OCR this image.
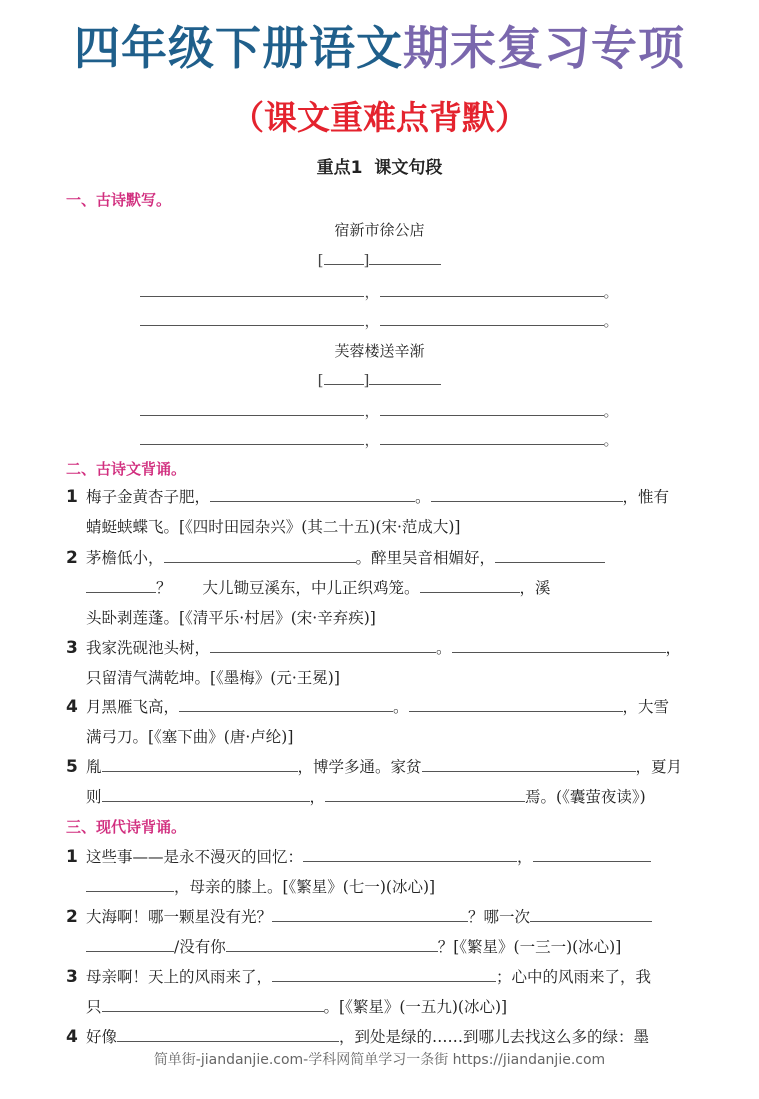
四年级下册语文期末复习专项
（课文重难点背默）
重点1 课文句段
一、古诗默写。
宿新市徐公店
[	]
，	。
，	。
芙蓉楼送辛渐
[	]
，	。
，	。
二、古诗文背诵。
1 梅子金黄杏子肥，	。	，惟有
蜻蜓蛱蝶飞。[《四时田园杂兴》(其二十五)(宋·范成大)]
2 茅檐低小，	。醉里吴音相媚好，
？　　大儿锄豆溪东，中儿正织鸡笼。	，溪
头卧剥莲蓬。[《清平乐·村居》(宋·辛弃疾)]
3 我家洗砚池头树，	。	，
只留清气满乾坤。[《墨梅》(元·王冕)]
4 月黑雁飞高，	。	，大雪
满弓刀。[《塞下曲》(唐·卢纶)]
5 胤	，博学多通。家贫	，夏月
则	，	焉。(《囊萤夜读》)
三、现代诗背诵。
1 这些事——是永不漫灭的回忆：	，
，母亲的膝上。[《繁星》(七一)(冰心)]
2 大海啊！哪一颗星没有光？	？哪一次
/没有你	？[《繁星》(一三一)(冰心)]
3 母亲啊！天上的风雨来了，	；心中的风雨来了，我
只	。[《繁星》(一五九)(冰心)]
4 好像	，到处是绿的……到哪儿去找这么多的绿：墨
简单街-jiandanjie.com-学科网简单学习一条街 https://jiandanjie.com
